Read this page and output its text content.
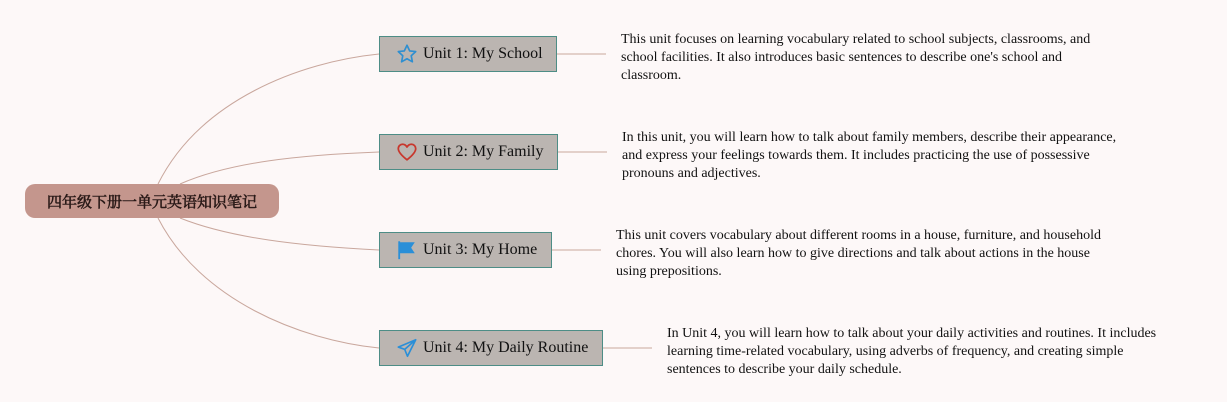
四年级下册一单元英语知识笔记
Unit 1: My School
This unit focuses on learning vocabulary related to school subjects, classrooms, and school facilities. It also introduces basic sentences to describe one's school and classroom.
Unit 2: My Family
In this unit, you will learn how to talk about family members, describe their appearance, and express your feelings towards them. It includes practicing the use of possessive pronouns and adjectives.
Unit 3: My Home
This unit covers vocabulary about different rooms in a house, furniture, and household chores. You will also learn how to give directions and talk about actions in the house using prepositions.
Unit 4: My Daily Routine
In Unit 4, you will learn how to talk about your daily activities and routines. It includes learning time-related vocabulary, using adverbs of frequency, and creating simple sentences to describe your daily schedule.
